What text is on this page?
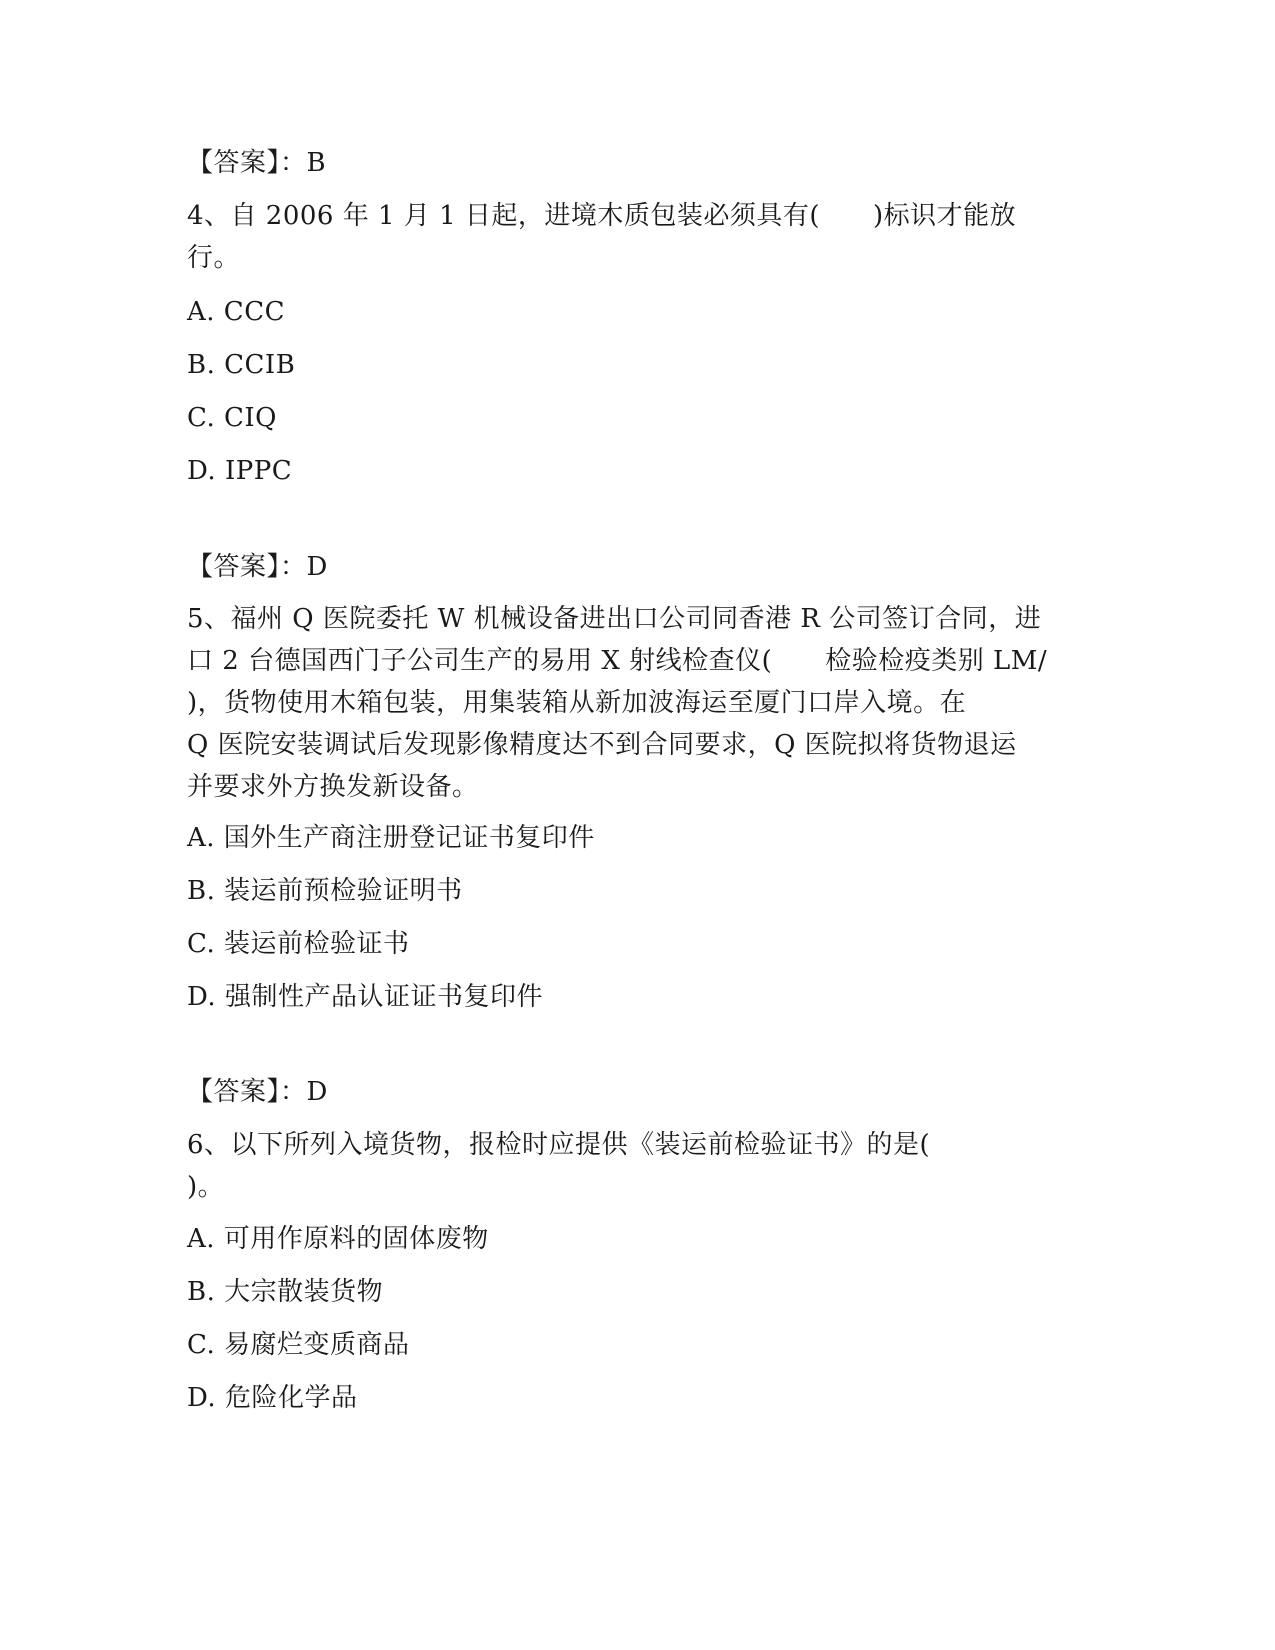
【答案】：B

4、自 2006 年 1 月 1 日起，进境木质包装必须具有(　　)标识才能放

行。

A. CCC

B. CCIB

C. CIQ

D. IPPC

【答案】：D

5、福州 Q 医院委托 W 机械设备进出口公司同香港 R 公司签订合同，进

口 2 台德国西门子公司生产的易用 X 射线检查仪(　　检验检疫类别 LM/

)，货物使用木箱包装，用集装箱从新加波海运至厦门口岸入境。在

Q 医院安装调试后发现影像精度达不到合同要求，Q 医院拟将货物退运

并要求外方换发新设备。

A. 国外生产商注册登记证书复印件

B. 装运前预检验证明书

C. 装运前检验证书

D. 强制性产品认证证书复印件

【答案】：D

6、以下所列入境货物，报检时应提供《装运前检验证书》的是(

)。

A. 可用作原料的固体废物

B. 大宗散装货物

C. 易腐烂变质商品

D. 危险化学品
